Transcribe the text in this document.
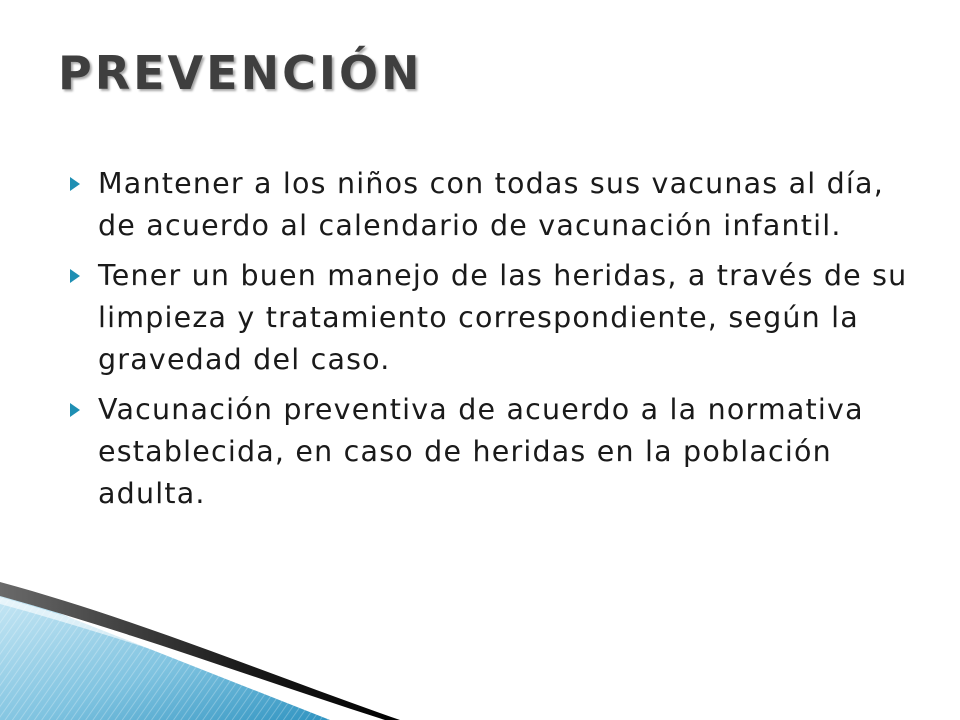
PREVENCIÓN
Mantener a los niños con todas sus vacunas al día, de acuerdo al calendario de vacunación infantil.
Tener un buen manejo de las heridas, a través de su limpieza y tratamiento correspondiente, según la gravedad del caso.
Vacunación preventiva de acuerdo a la normativa establecida, en caso de heridas en la población adulta.
